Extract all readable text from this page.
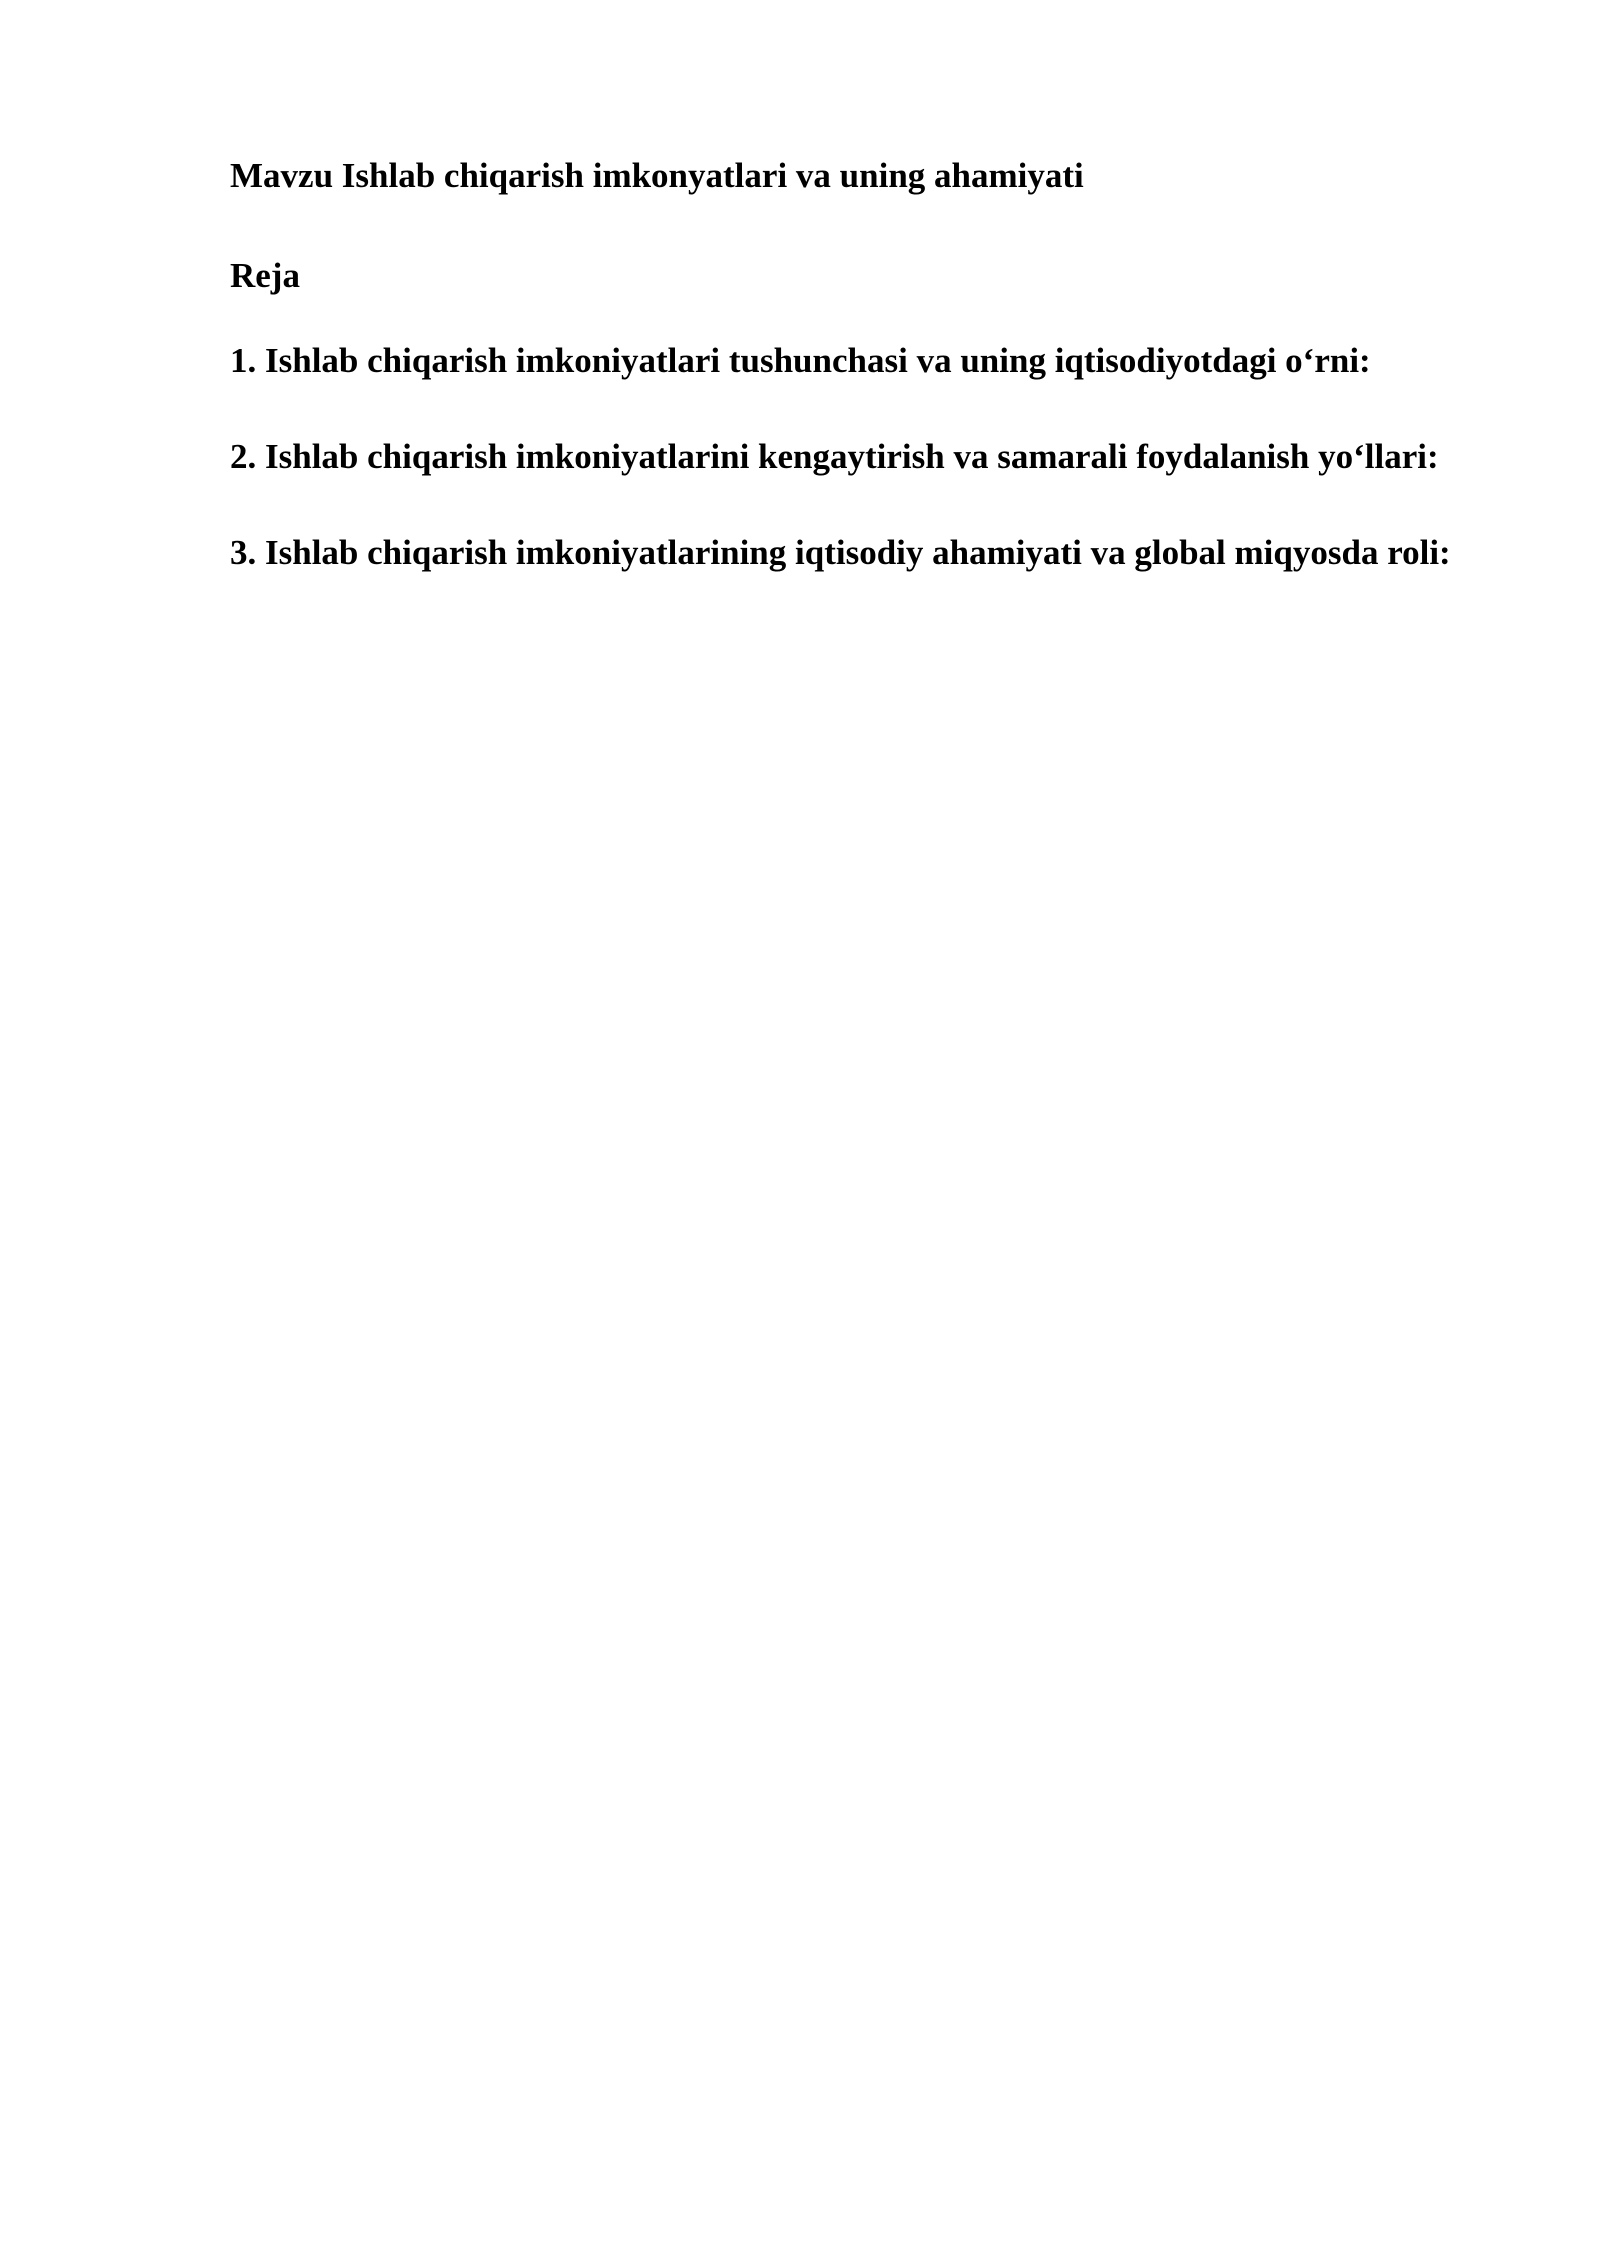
Mavzu Ishlab chiqarish imkonyatlari va uning ahamiyati

Reja

1. Ishlab chiqarish imkoniyatlari tushunchasi va uning iqtisodiyotdagi o‘rni:

2. Ishlab chiqarish imkoniyatlarini kengaytirish va samarali foydalanish yo‘llari:

3. Ishlab chiqarish imkoniyatlarining iqtisodiy ahamiyati va global miqyosda roli:
